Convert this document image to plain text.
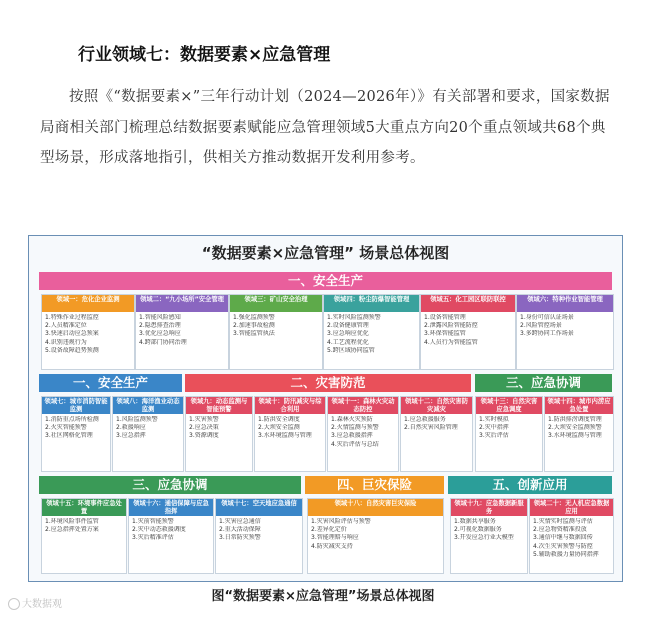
行业领域七：数据要素×应急管理

按照《“数据要素×”三年行动计划（2024—2026年）》有关部署和要求，国家数据局商相关部门梳理总结数据要素赋能应急管理领域5大重点方向20个重点领域共68个典型场景，形成落地指引，供相关方推动数据开发利用参考。

“数据要素×应急管理” 场景总体视图
一、安全生产
一、安全生产	二、灾害防范	三、应急协调
三、应急协调	四、巨灾保险	五、创新应用
领域一：危化企业监测
1.特殊作业过程监控
2.人员精准定位
3.快速启动应急预案
4.识别违规行为
5.设备故障趋势预测
领域二：“九小场所”安全管理
1.智能风险感知
2.隐患排查治理
3.优化应急响应
4.跨部门协同治理
领域三：矿山安全治理
1.强化监测预警
2.加速事故检测
3.智能监管执法
领域四：粉尘防爆智能管理
1.实时风险监测预警
2.设备健康管理
3.应急响应优化
4.工艺流程优化
5.跨区域协同监管
领域五：化工园区联防联控
1.设备智能管理
2.泄露风险智能防控
3.环保智能监管
4.人员行为智能监管
领域六：特种作业智能管理
1.身份可信认证场景
2.风险管控场景
3.多跨协同工作场景
领域七：城市消防智能监测
1.消防重点场所检测
2.火灾智能预警
3.社区网格化管理
领域八：海洋渔业动态监测
1.风险监测预警
2.救援响应
3.应急指挥
领域九：动态监测与智能预警
1.灾害预警
2.应急决策
3.资源调度
领域十：防汛减灾与综合利用
1.防洪安全调度
2.大坝安全监测
3.水环境监测与管理
领域十一：森林火灾动态防控
1.森林火灾预防
2.火情监测与预警
3.应急救援指挥
4.灾后评估与总结
领域十二：自然灾害防灾减灾
1.应急救援服务
2.自然灾害风险管理
领域十三：自然灾害应急调度
1.实时模拟
2.灾中指挥
3.灾后评估
领域十四：城市内涝应急处置
1.防洪排涝调度管理
2.大坝安全监测预警
3.水环境监测与管理
领域十五：环境事件应急处置
1.环境风险事件监管
2.应急指挥处置方案
领域十六：通信保障与应急指挥
1.灾前智能预警
2.灾中动态救援调度
3.灾后精准评估
领域十七：空天地应急通信
1.灾害应急通信
2.重大活动保障
3.日常防灾预警
领域十八：自然灾害巨灾保险
1.灾害风险评估与预警
2.差异化定价
3.智能理赔与响应
4.防灾减灾支持
领域十九：应急数据新服务
1.数据共享服务
2.可视化数据服务
3.开发应急行业大模型
领域二十：无人机应急数据应用
1.灾情实时监测与评估
2.应急物资精准投放
3.通信中继与数据回传
4.次生灾害预警与防控
5.辅助救援力量协同指挥
图“数据要素×应急管理”场景总体视图
大数据观
